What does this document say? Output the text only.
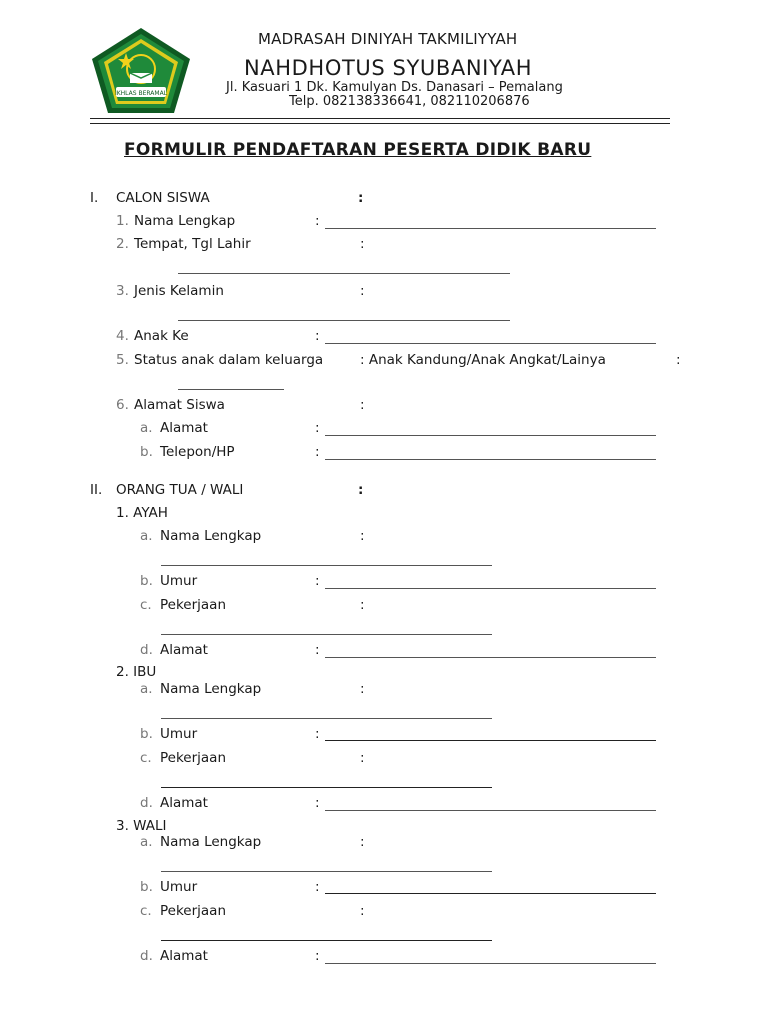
IKHLAS BERAMAL
MADRASAH DINIYAH TAKMILIYYAH
NAHDHOTUS SYUBANIYAH
Jl. Kasuari 1 Dk. Kamulyan Ds. Danasari – Pemalang
Telp. 082138336641, 082110206876
FORMULIR PENDAFTARAN PESERTA DIDIK BARU
I. CALON SISWA	:
1. Nama Lengkap	:
2. Tempat, Tgl Lahir	:
3. Jenis Kelamin	:
4. Anak Ke	:
5. Status anak dalam keluarga	: Anak Kandung/Anak Angkat/Lainya	:
6. Alamat Siswa	:
a. Alamat	:
b. Telepon/HP	:
II. ORANG TUA / WALI	:
1. AYAH
a. Nama Lengkap	:
b. Umur	:
c. Pekerjaan	:
d. Alamat	:
2. IBU
a. Nama Lengkap	:
b. Umur	:
c. Pekerjaan	:
d. Alamat	:
3. WALI
a. Nama Lengkap	:
b. Umur	:
c. Pekerjaan	:
d. Alamat	:
